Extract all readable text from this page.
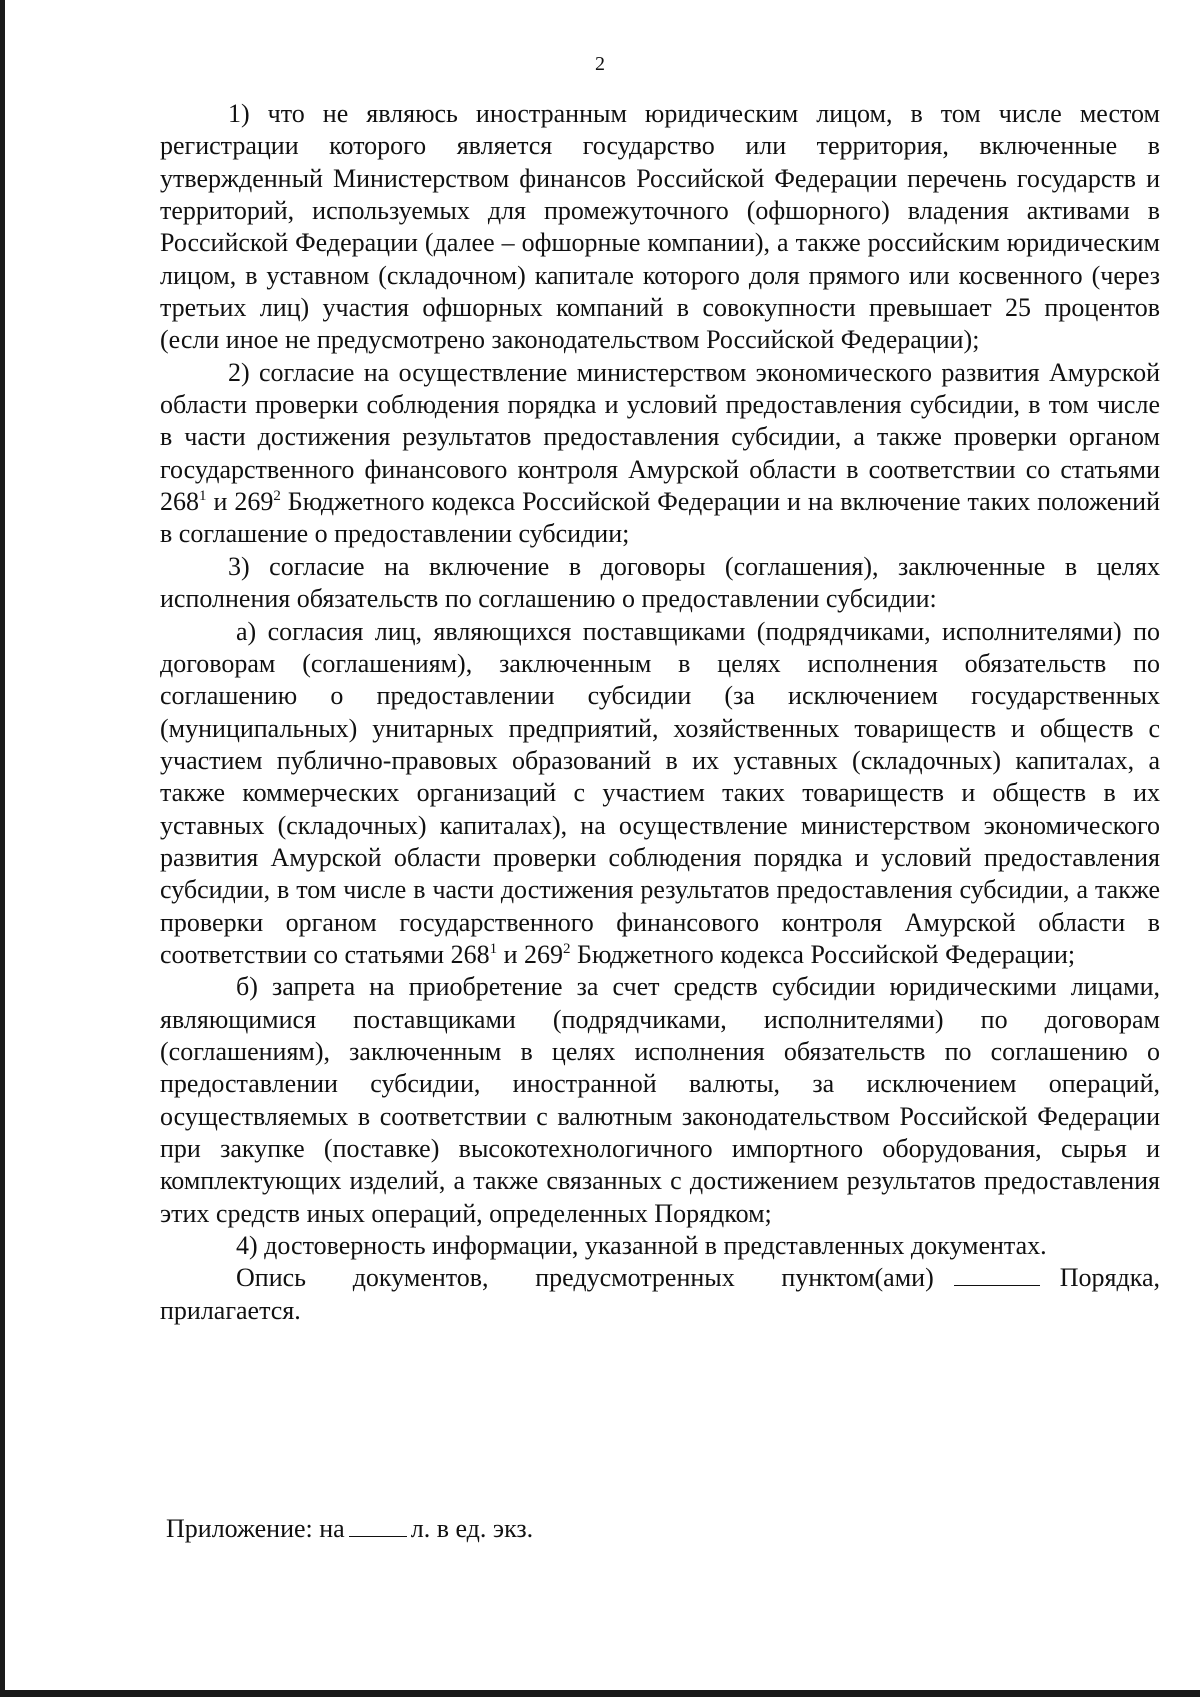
2

1) что не являюсь иностранным юридическим лицом, в том числе местом регистрации которого является государство или территория, включенные в утвержденный Министерством финансов Российской Федерации перечень государств и территорий, используемых для промежуточного (офшорного) владения активами в Российской Федерации (далее – офшорные компании), а также российским юридическим лицом, в уставном (складочном) капитале которого доля прямого или косвенного (через третьих лиц) участия офшорных компаний в совокупности превышает 25 процентов (если иное не предусмотрено законодательством Российской Федерации);

2) согласие на осуществление министерством экономического развития Амурской области проверки соблюдения порядка и условий предоставления субсидии, в том числе в части достижения результатов предоставления субсидии, а также проверки органом государственного финансового контроля Амурской области в соответствии со статьями $268^1$ и $269^2$ Бюджетного кодекса Российской Федерации и на включение таких положений в соглашение о предоставлении субсидии;

3) согласие на включение в договоры (соглашения), заключенные в целях исполнения обязательств по соглашению о предоставлении субсидии:

а) согласия лиц, являющихся поставщиками (подрядчиками, исполнителями) по договорам (соглашениям), заключенным в целях исполнения обязательств по соглашению о предоставлении субсидии (за исключением государственных (муниципальных) унитарных предприятий, хозяйственных товариществ и обществ с участием публично-правовых образований в их уставных (складочных) капиталах, а также коммерческих организаций с участием таких товариществ и обществ в их уставных (складочных) капиталах), на осуществление министерством экономического развития Амурской области проверки соблюдения порядка и условий предоставления субсидии, в том числе в части достижения результатов предоставления субсидии, а также проверки органом государственного финансового контроля Амурской области в соответствии со статьями $268^1$ и $269^2$ Бюджетного кодекса Российской Федерации;

б) запрета на приобретение за счет средств субсидии юридическими лицами, являющимися поставщиками (подрядчиками, исполнителями) по договорам (соглашениям), заключенным в целях исполнения обязательств по соглашению о предоставлении субсидии, иностранной валюты, за исключением операций, осуществляемых в соответствии с валютным законодательством Российской Федерации при закупке (поставке) высокотехнологичного импортного оборудования, сырья и комплектующих изделий, а также связанных с достижением результатов предоставления этих средств иных операций, определенных Порядком;

4) достоверность информации, указанной в представленных документах.

Опись документов, предусмотренных пунктом(ами)	Порядка, прилагается.

Приложение: на	л. в ед. экз.
